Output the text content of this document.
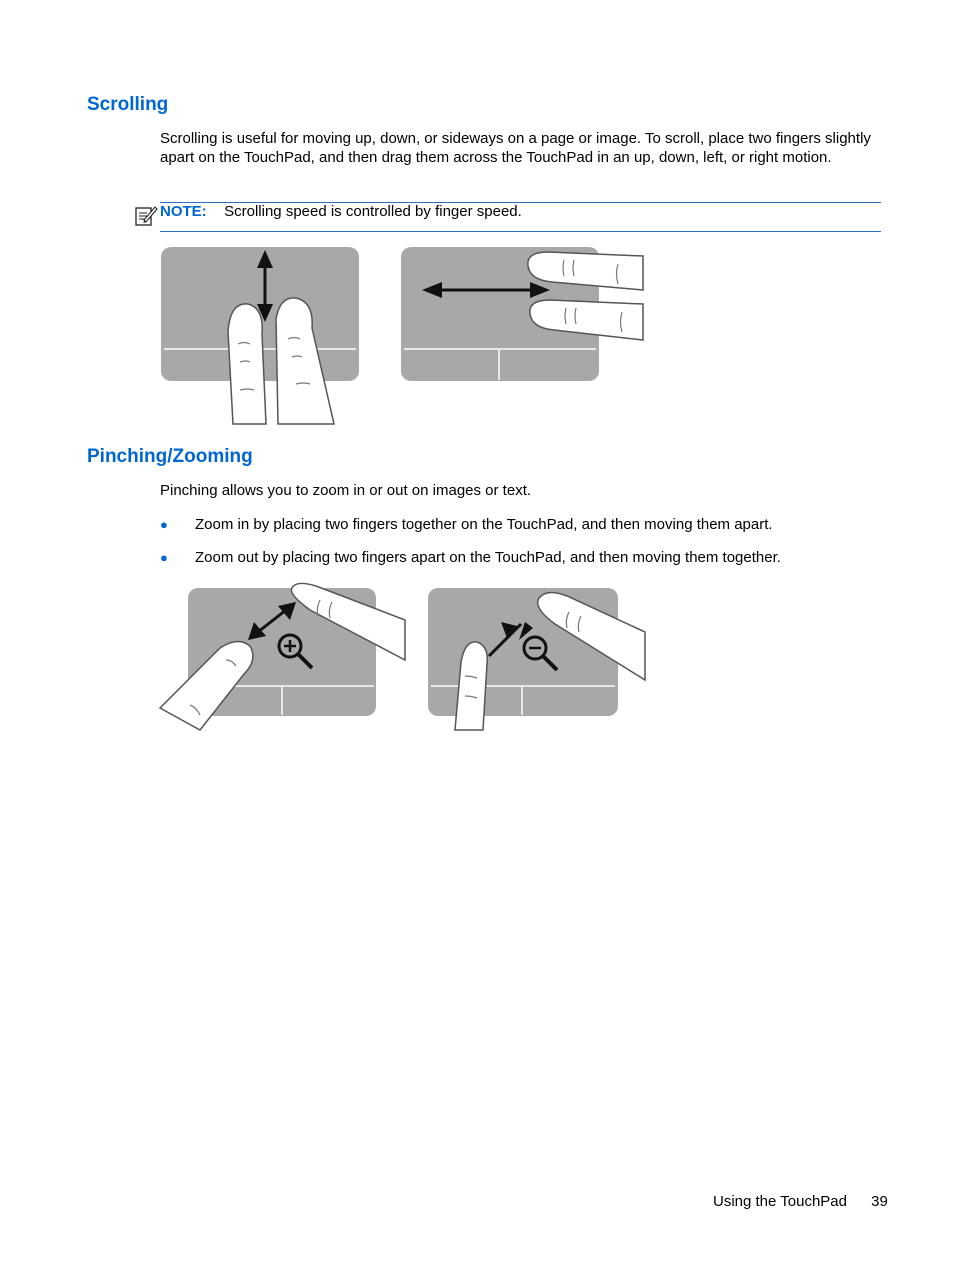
Scrolling

Scrolling is useful for moving up, down, or sideways on a page or image. To scroll, place two fingers slightly apart on the TouchPad, and then drag them across the TouchPad in an up, down, left, or right motion.

NOTE: Scrolling speed is controlled by finger speed.
Pinching/Zooming

Pinching allows you to zoom in or out on images or text.

●	Zoom in by placing two fingers together on the TouchPad, and then moving them apart.
●	Zoom out by placing two fingers apart on the TouchPad, and then moving them together.
Using the TouchPad 39
